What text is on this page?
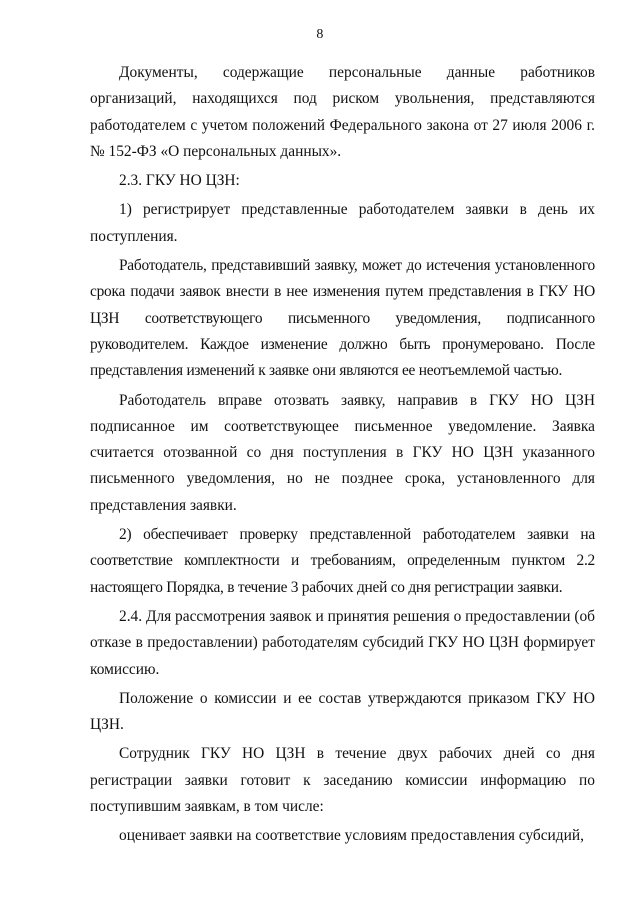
8

Документы, содержащие персональные данные работников организаций, находящихся под риском увольнения, представляются работодателем с учетом положений Федерального закона от 27 июля 2006 г. № 152-ФЗ «О персональных данных».

2.3. ГКУ НО ЦЗН:

1) регистрирует представленные работодателем заявки в день их поступления.

Работодатель, представивший заявку, может до истечения установленного срока подачи заявок внести в нее изменения путем представления в ГКУ НО ЦЗН соответствующего письменного уведомления, подписанного руководителем. Каждое изменение должно быть пронумеровано. После представления изменений к заявке они являются ее неотъемлемой частью.

Работодатель вправе отозвать заявку, направив в ГКУ НО ЦЗН подписанное им соответствующее письменное уведомление. Заявка считается отозванной со дня поступления в ГКУ НО ЦЗН указанного письменного уведомления, но не позднее срока, установленного для представления заявки.

2) обеспечивает проверку представленной работодателем заявки на соответствие комплектности и требованиям, определенным пунктом 2.2 настоящего Порядка, в течение 3 рабочих дней со дня регистрации заявки.

2.4. Для рассмотрения заявок и принятия решения о предоставлении (об отказе в предоставлении) работодателям субсидий ГКУ НО ЦЗН формирует комиссию.

Положение о комиссии и ее состав утверждаются приказом ГКУ НО ЦЗН.

Сотрудник ГКУ НО ЦЗН в течение двух рабочих дней со дня регистрации заявки готовит к заседанию комиссии информацию по поступившим заявкам, в том числе:

оценивает заявки на соответствие условиям предоставления субсидий,
